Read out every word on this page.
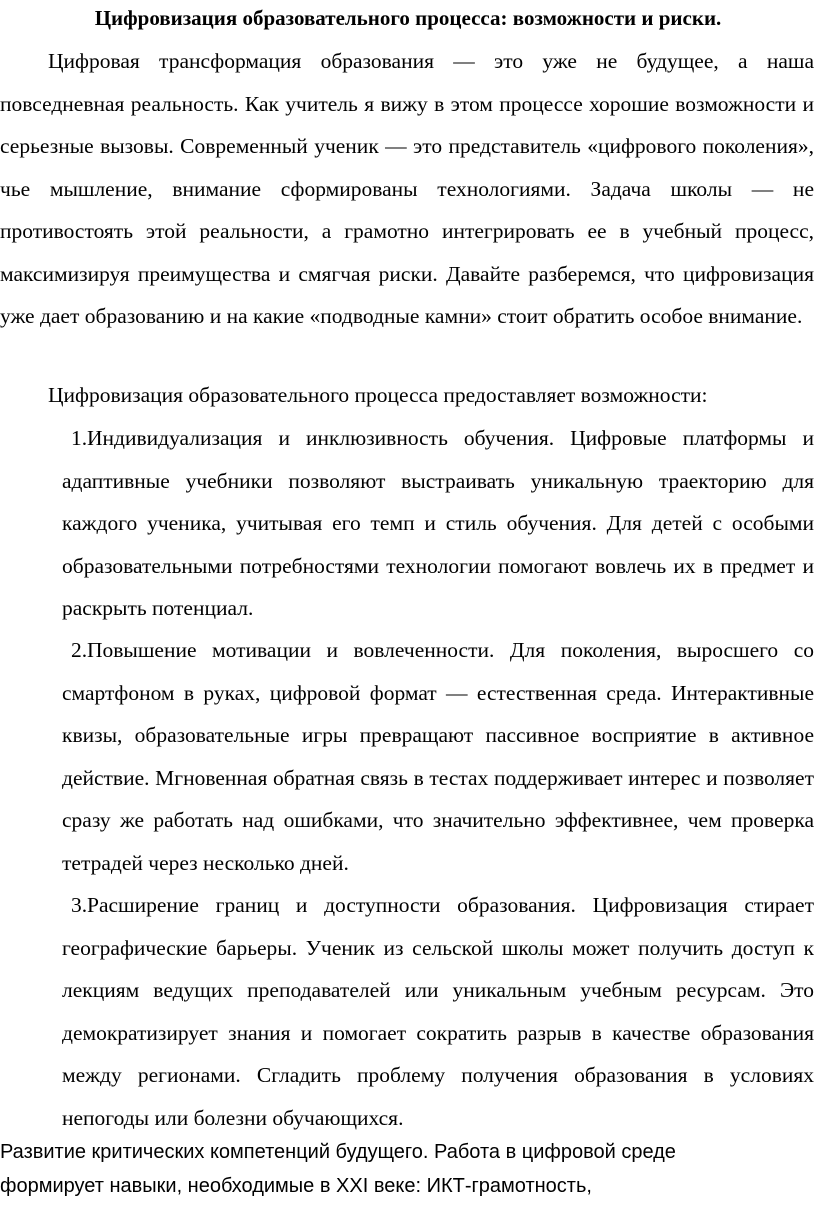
Цифровизация образовательного процесса: возможности и риски.

Цифровая трансформация образования — это уже не будущее, а наша повседневная реальность. Как учитель я вижу в этом процессе хорошие возможности и серьезные вызовы. Современный ученик — это представитель «цифрового поколения», чье мышление, внимание сформированы технологиями. Задача школы — не противостоять этой реальности, а грамотно интегрировать ее в учебный процесс, максимизируя преимущества и смягчая риски. Давайте разберемся, что цифровизация уже дает образованию и на какие «подводные камни» стоит обратить особое внимание.

Цифровизация образовательного процесса предоставляет возможности:

1. Индивидуализация и инклюзивность обучения. Цифровые платформы и адаптивные учебники позволяют выстраивать уникальную траекторию для каждого ученика, учитывая его темп и стиль обучения. Для детей с особыми образовательными потребностями технологии помогают вовлечь их в предмет и раскрыть потенциал.

2. Повышение мотивации и вовлеченности. Для поколения, выросшего со смартфоном в руках, цифровой формат — естественная среда. Интерактивные квизы, образовательные игры превращают пассивное восприятие в активное действие. Мгновенная обратная связь в тестах поддерживает интерес и позволяет сразу же работать над ошибками, что значительно эффективнее, чем проверка тетрадей через несколько дней.

3. Расширение границ и доступности образования. Цифровизация стирает географические барьеры. Ученик из сельской школы может получить доступ к лекциям ведущих преподавателей или уникальным учебным ресурсам. Это демократизирует знания и помогает сократить разрыв в качестве образования между регионами. Сгладить проблему получения образования в условиях непогоды или болезни обучающихся.

Развитие критических компетенций будущего. Работа в цифровой среде формирует навыки, необходимые в XXI веке: ИКТ-грамотность,
